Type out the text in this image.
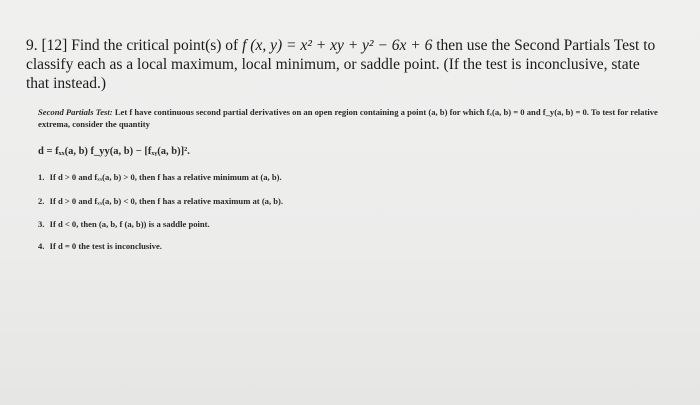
9. [12] Find the critical point(s) of f (x, y) = x² + xy + y² − 6x + 6 then use the Second Partials Test to classify each as a local maximum, local minimum, or saddle point. (If the test is inconclusive, state that instead.)
Second Partials Test: Let f have continuous second partial derivatives on an open region containing a point (a, b) for which fₓ(a, b) = 0 and f_y(a, b) = 0. To test for relative extrema, consider the quantity
d = fₓₓ(a, b) f_yy(a, b) − [fₓᵧ(a, b)]².
1. If d > 0 and fₓₓ(a, b) > 0, then f has a relative minimum at (a, b).
2. If d > 0 and fₓₓ(a, b) < 0, then f has a relative maximum at (a, b).
3. If d < 0, then (a, b, f (a, b)) is a saddle point.
4. If d = 0 the test is inconclusive.
